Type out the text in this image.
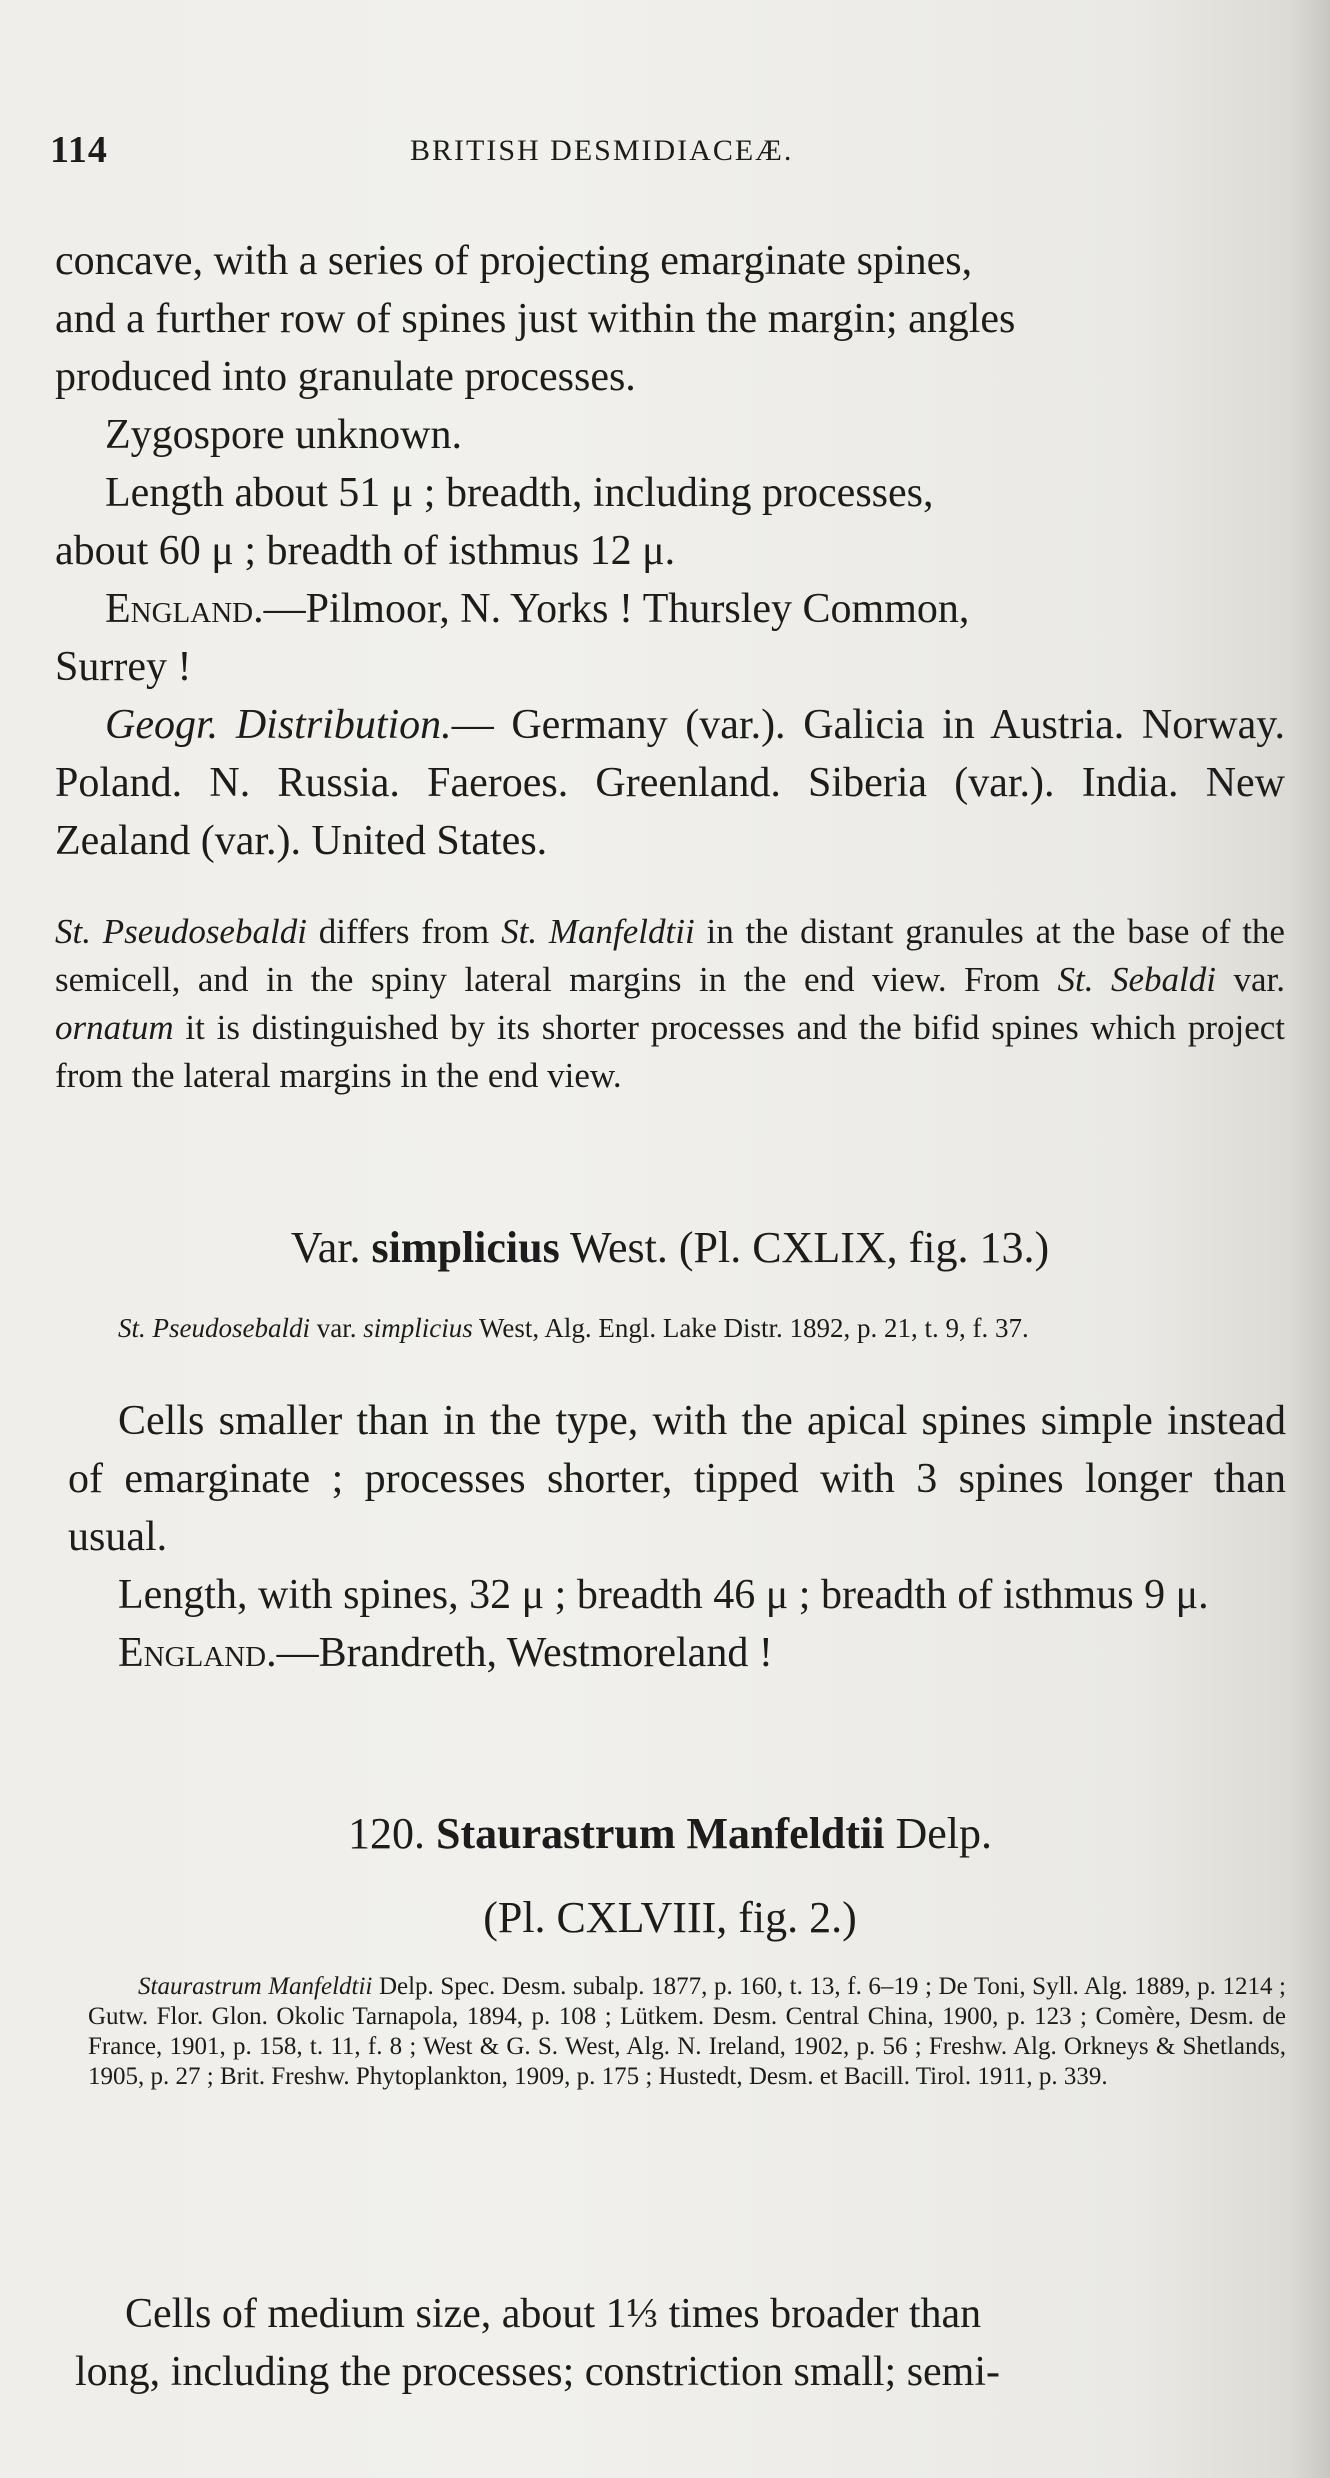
114	BRITISH DESMIDIACEÆ.

concave, with a series of projecting emarginate spines,

and a further row of spines just within the margin; angles

produced into granulate processes.

Zygospore unknown.

Length about 51 μ ; breadth, including processes,

about 60 μ ; breadth of isthmus 12 μ.

England.—Pilmoor, N. Yorks ! Thursley Common,

Surrey !

Geogr. Distribution.— Germany (var.). Galicia in Austria. Norway. Poland. N. Russia. Faeroes. Greenland. Siberia (var.). India. New Zealand (var.). United States.

St. Pseudosebaldi differs from St. Manfeldtii in the distant granules at the base of the semicell, and in the spiny lateral margins in the end view. From St. Sebaldi var. ornatum it is distinguished by its shorter processes and the bifid spines which project from the lateral margins in the end view.

Var. simplicius West. (Pl. CXLIX, fig. 13.)

St. Pseudosebaldi var. simplicius West, Alg. Engl. Lake Distr. 1892, p. 21, t. 9, f. 37.

Cells smaller than in the type, with the apical spines simple instead of emarginate ; processes shorter, tipped with 3 spines longer than usual.

Length, with spines, 32 μ ; breadth 46 μ ; breadth of isthmus 9 μ.

England.—Brandreth, Westmoreland !

120. Staurastrum Manfeldtii Delp.
(Pl. CXLVIII, fig. 2.)

Staurastrum Manfeldtii Delp. Spec. Desm. subalp. 1877, p. 160, t. 13, f. 6–19 ; De Toni, Syll. Alg. 1889, p. 1214 ; Gutw. Flor. Glon. Okolic Tarnapola, 1894, p. 108 ; Lütkem. Desm. Central China, 1900, p. 123 ; Comère, Desm. de France, 1901, p. 158, t. 11, f. 8 ; West & G. S. West, Alg. N. Ireland, 1902, p. 56 ; Freshw. Alg. Orkneys & Shetlands, 1905, p. 27 ; Brit. Freshw. Phytoplankton, 1909, p. 175 ; Hustedt, Desm. et Bacill. Tirol. 1911, p. 339.

Cells of medium size, about 1⅓ times broader than

long, including the processes; constriction small; semi-
